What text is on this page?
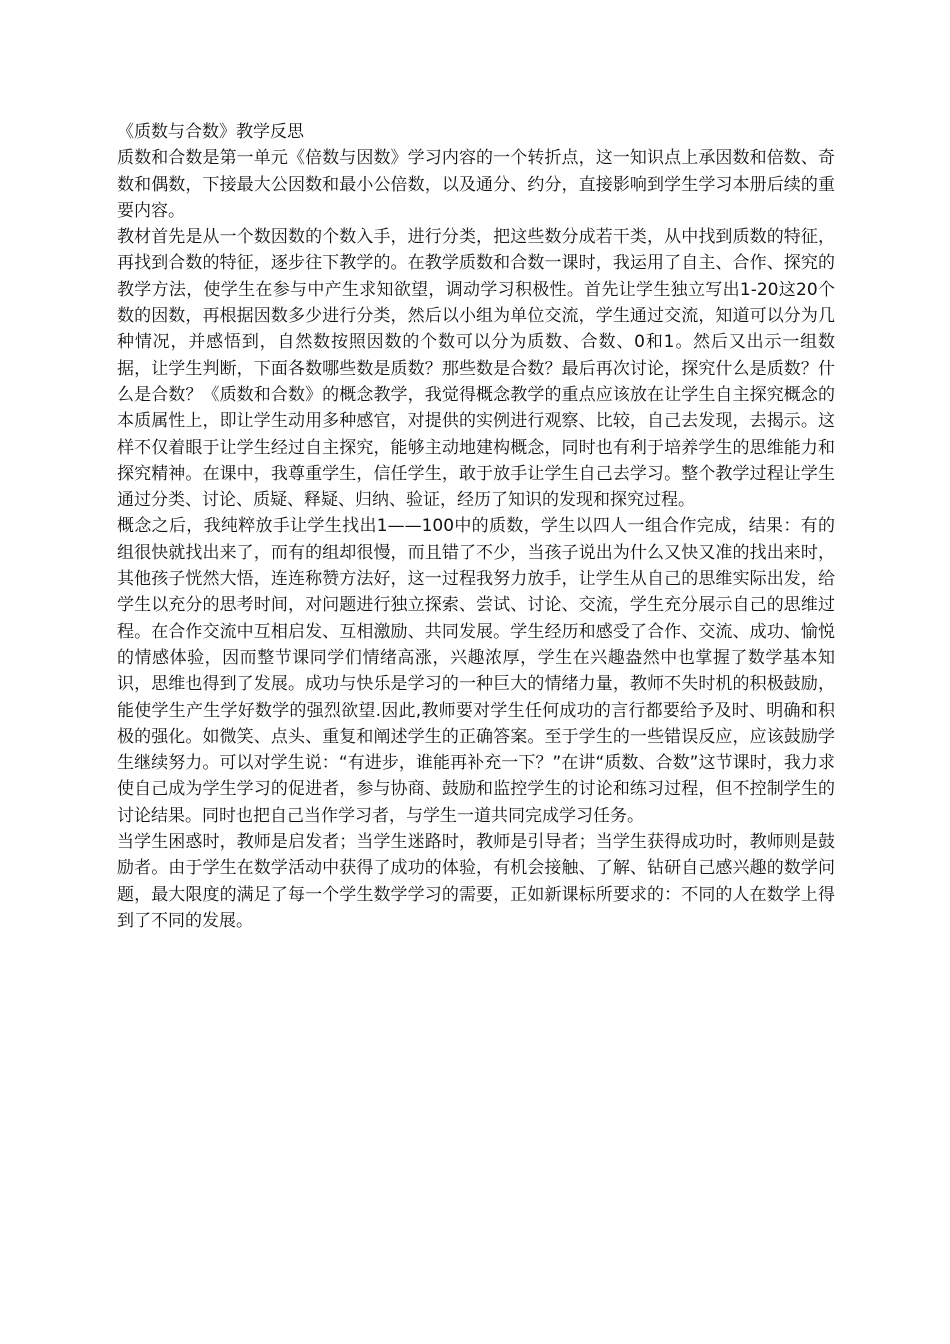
《质数与合数》教学反思

质数和合数是第一单元《倍数与因数》学习内容的一个转折点，这一知识点上承因数和倍数、奇数和偶数，下接最大公因数和最小公倍数，以及通分、约分，直接影响到学生学习本册后续的重要内容。

教材首先是从一个数因数的个数入手，进行分类，把这些数分成若干类，从中找到质数的特征，再找到合数的特征，逐步往下教学的。在教学质数和合数一课时，我运用了自主、合作、探究的教学方法，使学生在参与中产生求知欲望，调动学习积极性。首先让学生独立写出1-20这20个数的因数，再根据因数多少进行分类，然后以小组为单位交流，学生通过交流，知道可以分为几种情况，并感悟到，自然数按照因数的个数可以分为质数、合数、0和1。然后又出示一组数据，让学生判断，下面各数哪些数是质数？那些数是合数？最后再次讨论，探究什么是质数？什么是合数？《质数和合数》的概念教学，我觉得概念教学的重点应该放在让学生自主探究概念的本质属性上，即让学生动用多种感官，对提供的实例进行观察、比较，自己去发现，去揭示。这样不仅着眼于让学生经过自主探究，能够主动地建构概念，同时也有利于培养学生的思维能力和探究精神。在课中，我尊重学生，信任学生，敢于放手让学生自己去学习。整个教学过程让学生通过分类、讨论、质疑、释疑、归纳、验证，经历了知识的发现和探究过程。

概念之后，我纯粹放手让学生找出1——100中的质数，学生以四人一组合作完成，结果：有的组很快就找出来了，而有的组却很慢，而且错了不少，当孩子说出为什么又快又准的找出来时，其他孩子恍然大悟，连连称赞方法好，这一过程我努力放手，让学生从自己的思维实际出发，给学生以充分的思考时间，对问题进行独立探索、尝试、讨论、交流，学生充分展示自己的思维过程。在合作交流中互相启发、互相激励、共同发展。学生经历和感受了合作、交流、成功、愉悦的情感体验，因而整节课同学们情绪高涨，兴趣浓厚，学生在兴趣盎然中也掌握了数学基本知识，思维也得到了发展。成功与快乐是学习的一种巨大的情绪力量，教师不失时机的积极鼓励，能使学生产生学好数学的强烈欲望.因此,教师要对学生任何成功的言行都要给予及时、明确和积极的强化。如微笑、点头、重复和阐述学生的正确答案。至于学生的一些错误反应，应该鼓励学生继续努力。可以对学生说：“有进步，谁能再补充一下？”在讲“质数、合数”这节课时，我力求使自己成为学生学习的促进者，参与协商、鼓励和监控学生的讨论和练习过程，但不控制学生的讨论结果。同时也把自己当作学习者，与学生一道共同完成学习任务。

当学生困惑时，教师是启发者；当学生迷路时，教师是引导者；当学生获得成功时，教师则是鼓励者。由于学生在数学活动中获得了成功的体验，有机会接触、了解、钻研自己感兴趣的数学问题，最大限度的满足了每一个学生数学学习的需要，正如新课标所要求的：不同的人在数学上得到了不同的发展。
